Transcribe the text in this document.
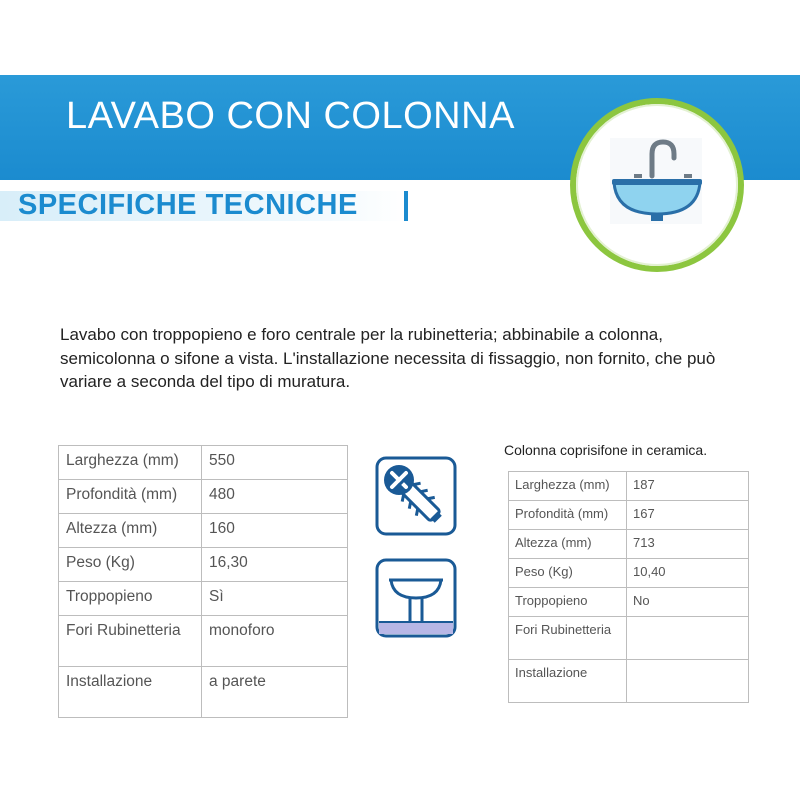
LAVABO CON COLONNA
SPECIFICHE TECNICHE
Lavabo con troppopieno e foro centrale per la rubinetteria; abbinabile a colonna, semicolonna o sifone a vista. L'installazione necessita di fissaggio, non fornito, che può variare a seconda del tipo di muratura.
Larghezza (mm)	550
Profondità (mm)	480
Altezza (mm)	160
Peso (Kg)	16,30
Troppopieno	Sì
Fori Rubinetteria	monoforo
Installazione	a parete
Colonna coprisifone in ceramica.
Larghezza (mm)	187
Profondità (mm)	167
Altezza (mm)	713
Peso (Kg)	10,40
Troppopieno	No
Fori Rubinetteria	
Installazione	
